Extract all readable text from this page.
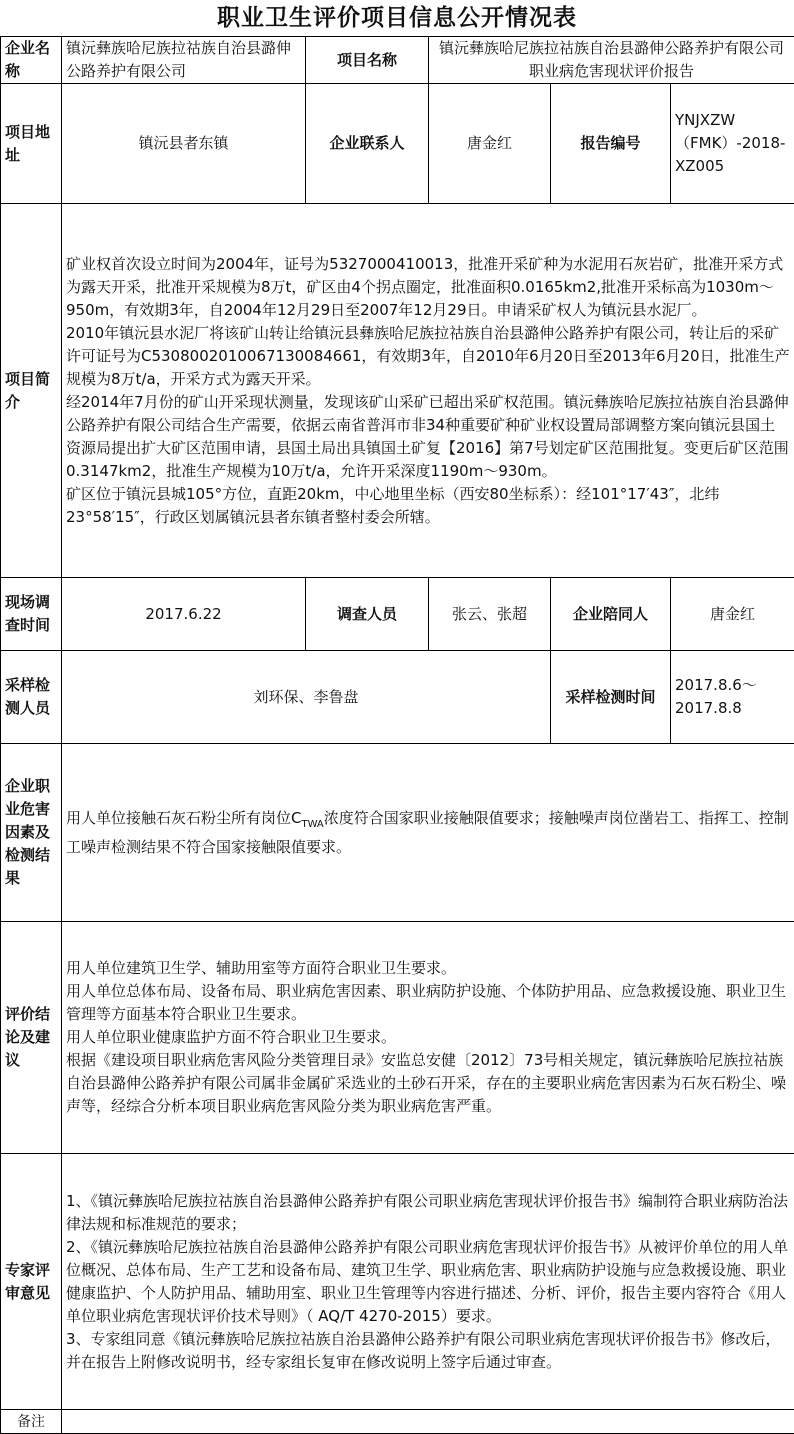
职业卫生评价项目信息公开情况表
企业名称	镇沅彝族哈尼族拉祜族自治县潞伸公路养护有限公司	项目名称	镇沅彝族哈尼族拉祜族自治县潞伸公路养护有限公司职业病危害现状评价报告		
项目地址	镇沅县者东镇	企业联系人	唐金红	报告编号	YNJXZW（FMK）-2018-XZ005
项目简介	矿业权首次设立时间为2004年，证号为5327000410013，批准开采矿种为水泥用石灰岩矿，批准开采方式为露天开采，批准开采规模为8万t，矿区由4个拐点圈定，批准面积0.0165km2,批准开采标高为1030m～950m，有效期3年，自2004年12月29日至2007年12月29日。申请采矿权人为镇沅县水泥厂。

2010年镇沅县水泥厂将该矿山转让给镇沅县彝族哈尼族拉祜族自治县潞伸公路养护有限公司，转让后的采矿许可证号为C5308002010067130084661，有效期3年，自2010年6月20日至2013年6月20日，批准生产规模为8万t/a，开采方式为露天开采。

经2014年7月份的矿山开采现状测量，发现该矿山采矿已超出采矿权范围。镇沅彝族哈尼族拉祜族自治县潞伸公路养护有限公司结合生产需要，依据云南省普洱市非34种重要矿种矿业权设置局部调整方案向镇沅县国土资源局提出扩大矿区范围申请，县国土局出具镇国土矿复【2016】第7号划定矿区范围批复。变更后矿区范围0.3147km2，批准生产规模为10万t/a，允许开采深度1190m～930m。

矿区位于镇沅县城105°方位，直距20km，中心地里坐标（西安80坐标系）：经101°17′43″，北纬23°58′15″，行政区划属镇沅县者东镇者整村委会所辖。				

现场调查时间	2017.6.22	调查人员	张云、张超	企业陪同人	唐金红
采样检测人员	刘环保、李鲁盘			采样检测时间	2017.8.6～2017.8.8
企业职业危害因素及检测结果	用人单位接触石灰石粉尘所有岗位$C_{TWA}$浓度符合国家职业接触限值要求；接触噪声岗位凿岩工、指挥工、控制工噪声检测结果不符合国家接触限值要求。				
评价结论及建议	用人单位建筑卫生学、辅助用室等方面符合职业卫生要求。

用人单位总体布局、设备布局、职业病危害因素、职业病防护设施、个体防护用品、应急救援设施、职业卫生管理等方面基本符合职业卫生要求。

用人单位职业健康监护方面不符合职业卫生要求。

根据《建设项目职业病危害风险分类管理目录》安监总安健〔2012〕73号相关规定，镇沅彝族哈尼族拉祜族自治县潞伸公路养护有限公司属非金属矿采选业的土砂石开采，存在的主要职业病危害因素为石灰石粉尘、噪声等，经综合分析本项目职业病危害风险分类为职业病危害严重。				

专家评审意见	1、《镇沅彝族哈尼族拉祜族自治县潞伸公路养护有限公司职业病危害现状评价报告书》编制符合职业病防治法律法规和标准规范的要求；

2、《镇沅彝族哈尼族拉祜族自治县潞伸公路养护有限公司职业病危害现状评价报告书》从被评价单位的用人单位概况、总体布局、生产工艺和设备布局、建筑卫生学、职业病危害、职业病防护设施与应急救援设施、职业健康监护、个人防护用品、辅助用室、职业卫生管理等内容进行描述、分析、评价，报告主要内容符合《用人单位职业病危害现状评价技术导则》（ AQ/T 4270-2015）要求。

3、专家组同意《镇沅彝族哈尼族拉祜族自治县潞伸公路养护有限公司职业病危害现状评价报告书》修改后，并在报告上附修改说明书，经专家组长复审在修改说明上签字后通过审查。				

备注					
